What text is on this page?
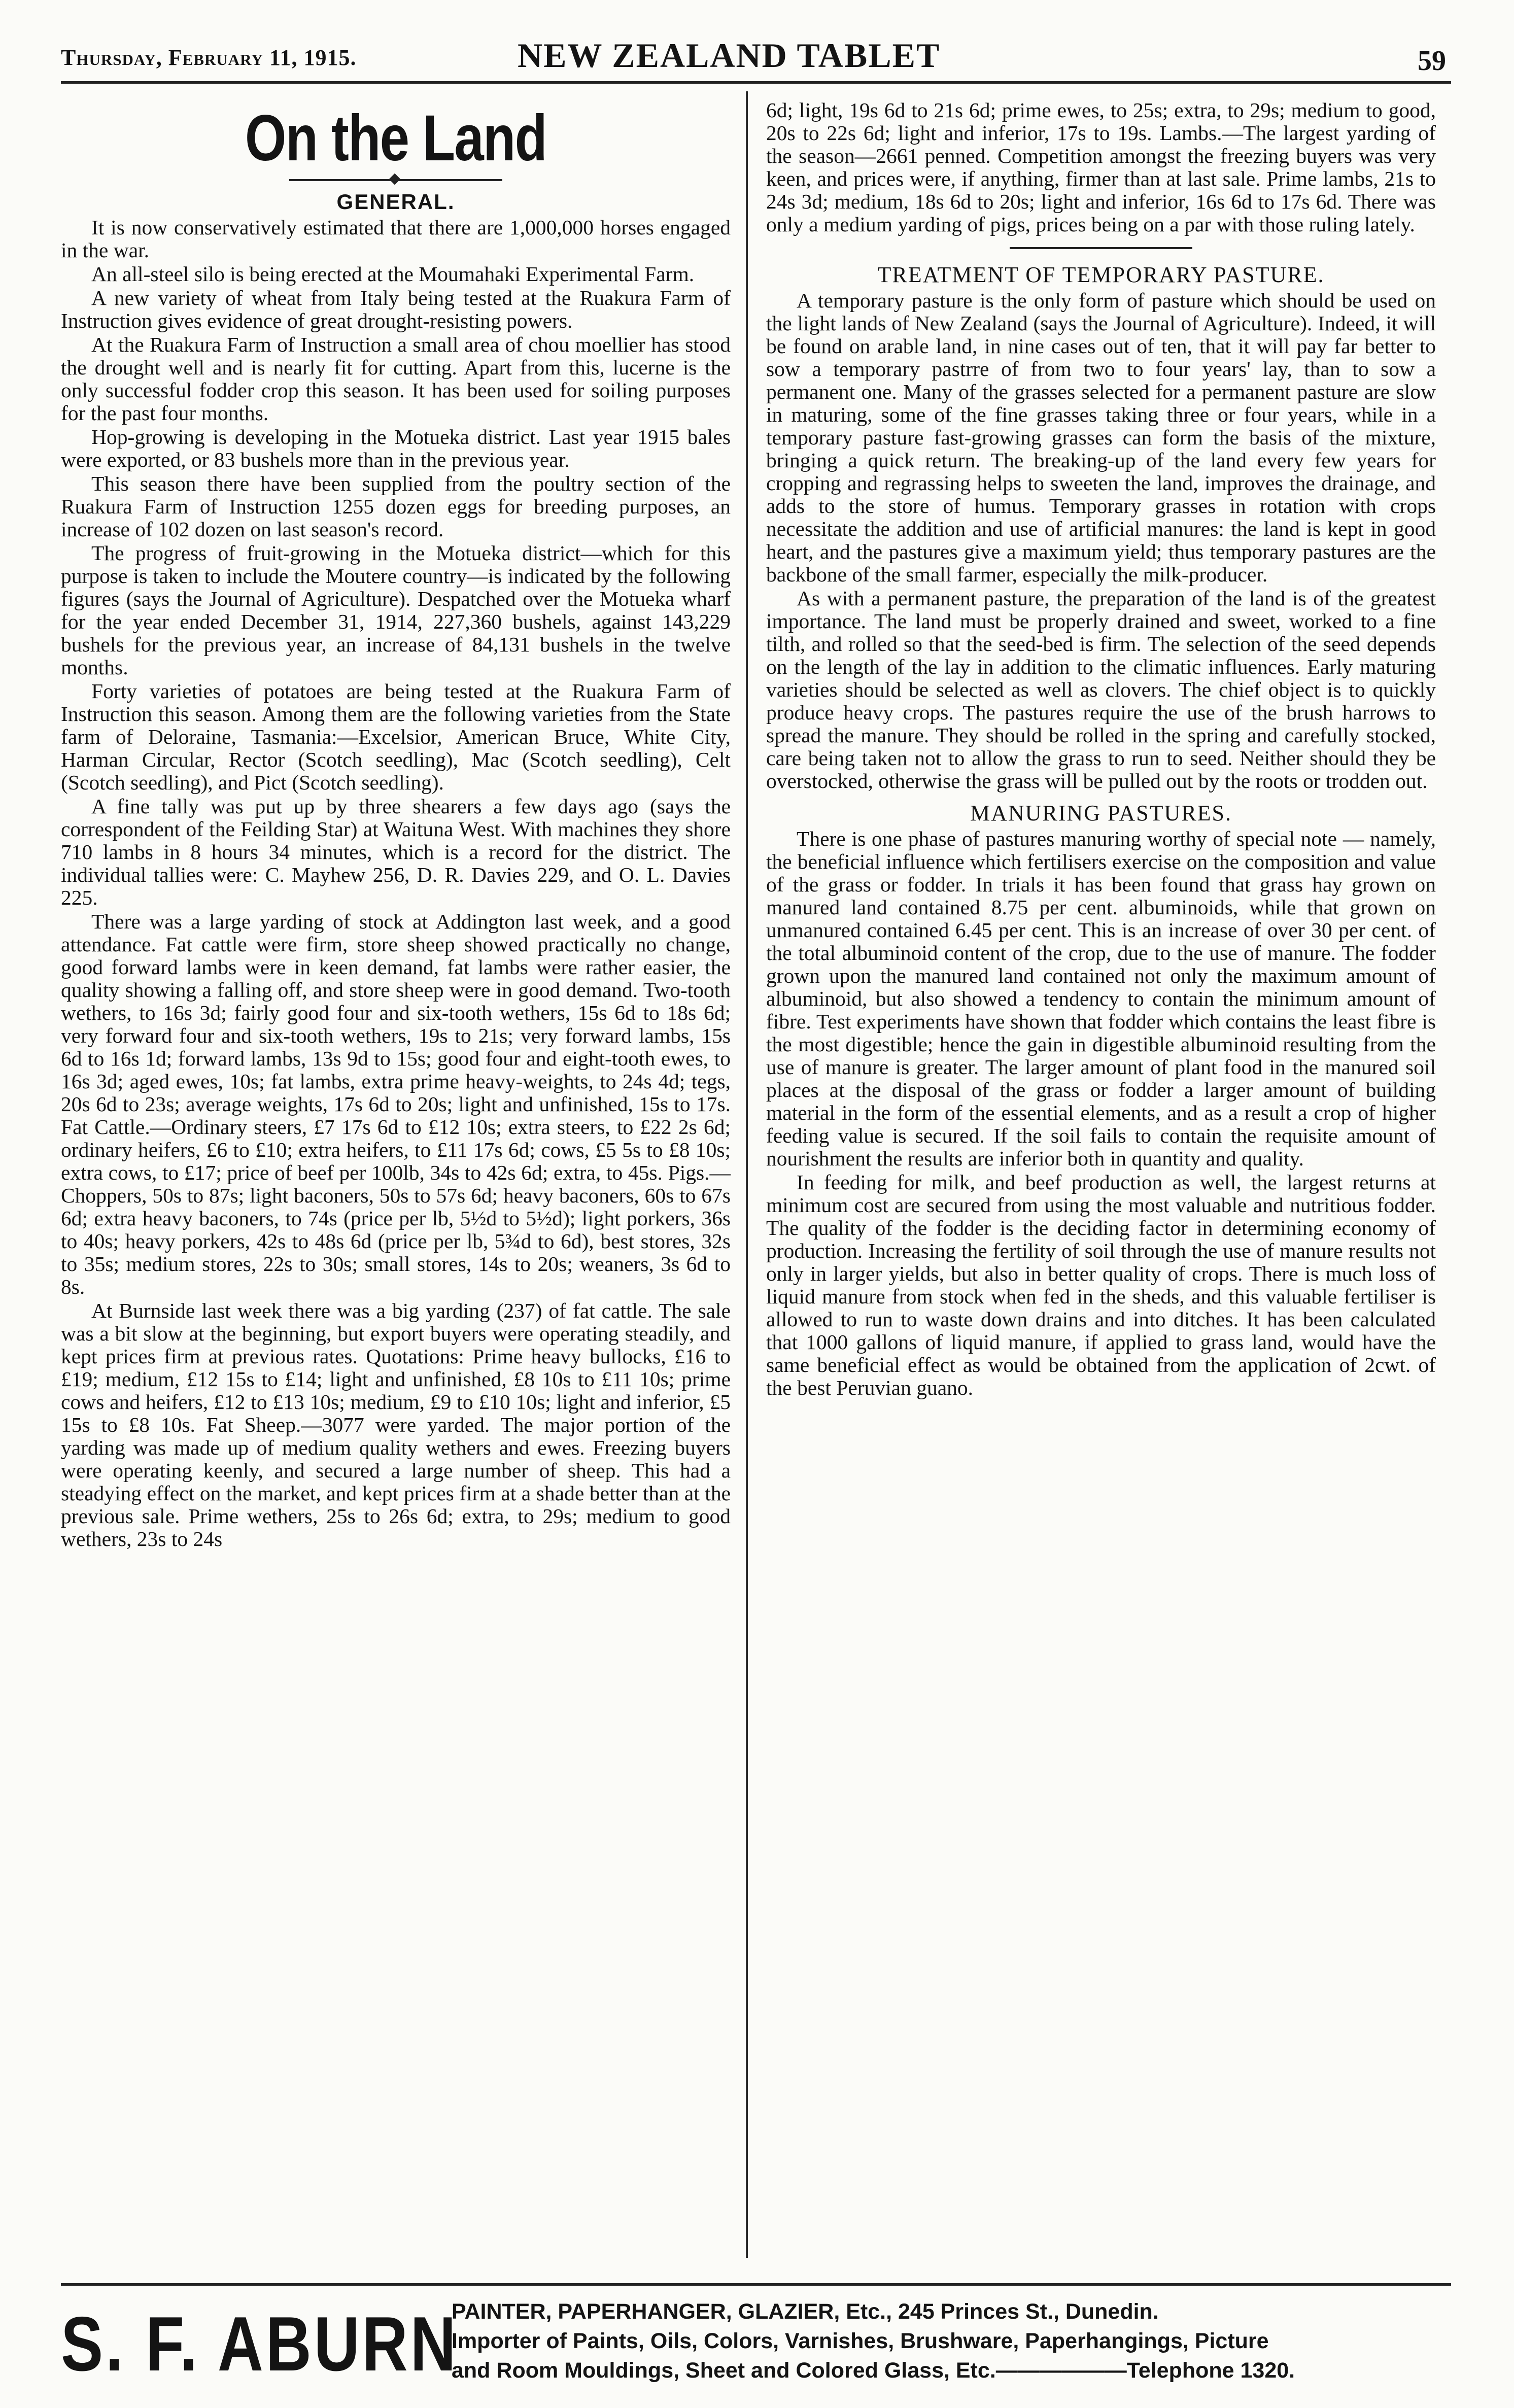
Thursday, February 11, 1915.	NEW ZEALAND TABLET	59
On the Land
GENERAL.

It is now conservatively estimated that there are 1,000,000 horses engaged in the war.

An all-steel silo is being erected at the Moumahaki Experimental Farm.

A new variety of wheat from Italy being tested at the Ruakura Farm of Instruction gives evidence of great drought-resisting powers.

At the Ruakura Farm of Instruction a small area of chou moellier has stood the drought well and is nearly fit for cutting. Apart from this, lucerne is the only successful fodder crop this season. It has been used for soiling purposes for the past four months.

Hop-growing is developing in the Motueka district. Last year 1915 bales were exported, or 83 bushels more than in the previous year.

This season there have been supplied from the poultry section of the Ruakura Farm of Instruction 1255 dozen eggs for breeding purposes, an increase of 102 dozen on last season's record.

The progress of fruit-growing in the Motueka district—which for this purpose is taken to include the Moutere country—is indicated by the following figures (says the Journal of Agriculture). Despatched over the Motueka wharf for the year ended December 31, 1914, 227,360 bushels, against 143,229 bushels for the previous year, an increase of 84,131 bushels in the twelve months.

Forty varieties of potatoes are being tested at the Ruakura Farm of Instruction this season. Among them are the following varieties from the State farm of Deloraine, Tasmania:—Excelsior, American Bruce, White City, Harman Circular, Rector (Scotch seedling), Mac (Scotch seedling), Celt (Scotch seedling), and Pict (Scotch seedling).

A fine tally was put up by three shearers a few days ago (says the correspondent of the Feilding Star) at Waituna West. With machines they shore 710 lambs in 8 hours 34 minutes, which is a record for the district. The individual tallies were: C. Mayhew 256, D. R. Davies 229, and O. L. Davies 225.

There was a large yarding of stock at Addington last week, and a good attendance. Fat cattle were firm, store sheep showed practically no change, good forward lambs were in keen demand, fat lambs were rather easier, the quality showing a falling off, and store sheep were in good demand. Two-tooth wethers, to 16s 3d; fairly good four and six-tooth wethers, 15s 6d to 18s 6d; very forward four and six-tooth wethers, 19s to 21s; very forward lambs, 15s 6d to 16s 1d; forward lambs, 13s 9d to 15s; good four and eight-tooth ewes, to 16s 3d; aged ewes, 10s; fat lambs, extra prime heavy-weights, to 24s 4d; tegs, 20s 6d to 23s; average weights, 17s 6d to 20s; light and unfinished, 15s to 17s. Fat Cattle.—Ordinary steers, £7 17s 6d to £12 10s; extra steers, to £22 2s 6d; ordinary heifers, £6 to £10; extra heifers, to £11 17s 6d; cows, £5 5s to £8 10s; extra cows, to £17; price of beef per 100lb, 34s to 42s 6d; extra, to 45s. Pigs.—Choppers, 50s to 87s; light baconers, 50s to 57s 6d; heavy baconers, 60s to 67s 6d; extra heavy baconers, to 74s (price per lb, 5½d to 5½d); light porkers, 36s to 40s; heavy porkers, 42s to 48s 6d (price per lb, 5¾d to 6d), best stores, 32s to 35s; medium stores, 22s to 30s; small stores, 14s to 20s; weaners, 3s 6d to 8s.

At Burnside last week there was a big yarding (237) of fat cattle. The sale was a bit slow at the beginning, but export buyers were operating steadily, and kept prices firm at previous rates. Quotations: Prime heavy bullocks, £16 to £19; medium, £12 15s to £14; light and unfinished, £8 10s to £11 10s; prime cows and heifers, £12 to £13 10s; medium, £9 to £10 10s; light and inferior, £5 15s to £8 10s. Fat Sheep.—3077 were yarded. The major portion of the yarding was made up of medium quality wethers and ewes. Freezing buyers were operating keenly, and secured a large number of sheep. This had a steadying effect on the market, and kept prices firm at a shade better than at the previous sale. Prime wethers, 25s to 26s 6d; extra, to 29s; medium to good wethers, 23s to 24s

6d; light, 19s 6d to 21s 6d; prime ewes, to 25s; extra, to 29s; medium to good, 20s to 22s 6d; light and inferior, 17s to 19s. Lambs.—The largest yarding of the season—2661 penned. Competition amongst the freezing buyers was very keen, and prices were, if anything, firmer than at last sale. Prime lambs, 21s to 24s 3d; medium, 18s 6d to 20s; light and inferior, 16s 6d to 17s 6d. There was only a medium yarding of pigs, prices being on a par with those ruling lately.

TREATMENT OF TEMPORARY PASTURE.

A temporary pasture is the only form of pasture which should be used on the light lands of New Zealand (says the Journal of Agriculture). Indeed, it will be found on arable land, in nine cases out of ten, that it will pay far better to sow a temporary pastrre of from two to four years' lay, than to sow a permanent one. Many of the grasses selected for a permanent pasture are slow in maturing, some of the fine grasses taking three or four years, while in a temporary pasture fast-growing grasses can form the basis of the mixture, bringing a quick return. The breaking-up of the land every few years for cropping and regrassing helps to sweeten the land, improves the drainage, and adds to the store of humus. Temporary grasses in rotation with crops necessitate the addition and use of artificial manures: the land is kept in good heart, and the pastures give a maximum yield; thus temporary pastures are the backbone of the small farmer, especially the milk-producer.

As with a permanent pasture, the preparation of the land is of the greatest importance. The land must be properly drained and sweet, worked to a fine tilth, and rolled so that the seed-bed is firm. The selection of the seed depends on the length of the lay in addition to the climatic influences. Early maturing varieties should be selected as well as clovers. The chief object is to quickly produce heavy crops. The pastures require the use of the brush harrows to spread the manure. They should be rolled in the spring and carefully stocked, care being taken not to allow the grass to run to seed. Neither should they be overstocked, otherwise the grass will be pulled out by the roots or trodden out.

MANURING PASTURES.

There is one phase of pastures manuring worthy of special note — namely, the beneficial influence which fertilisers exercise on the composition and value of the grass or fodder. In trials it has been found that grass hay grown on manured land contained 8.75 per cent. albuminoids, while that grown on unmanured contained 6.45 per cent. This is an increase of over 30 per cent. of the total albuminoid content of the crop, due to the use of manure. The fodder grown upon the manured land contained not only the maximum amount of albuminoid, but also showed a tendency to contain the minimum amount of fibre. Test experiments have shown that fodder which contains the least fibre is the most digestible; hence the gain in digestible albuminoid resulting from the use of manure is greater. The larger amount of plant food in the manured soil places at the disposal of the grass or fodder a larger amount of building material in the form of the essential elements, and as a result a crop of higher feeding value is secured. If the soil fails to contain the requisite amount of nourishment the results are inferior both in quantity and quality.

In feeding for milk, and beef production as well, the largest returns at minimum cost are secured from using the most valuable and nutritious fodder. The quality of the fodder is the deciding factor in determining economy of production. Increasing the fertility of soil through the use of manure results not only in larger yields, but also in better quality of crops. There is much loss of liquid manure from stock when fed in the sheds, and this valuable fertiliser is allowed to run to waste down drains and into ditches. It has been calculated that 1000 gallons of liquid manure, if applied to grass land, would have the same beneficial effect as would be obtained from the application of 2cwt. of the best Peruvian guano.

S. F. ABURN
PAINTER, PAPERHANGER, GLAZIER, Etc., 245 Princes St., Dunedin.
Importer of Paints, Oils, Colors, Varnishes, Brushware, Paperhangings, Picture
and Room Mouldings, Sheet and Colored Glass, Etc.——————Telephone 1320.
